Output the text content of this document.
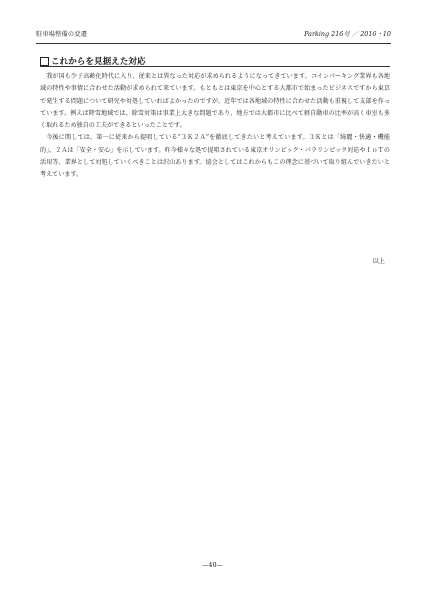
駐車場整備の変遷	Parking 216号 ／ 2016・10
これからを見据えた対応

我が国も少子高齢化時代に入り、従来とは異なった対応が求められるようになってきています。コインパーキング業界も各地域の特性や事情に合わせた活動が求められて来ています。もともとは東京を中心とする大都市で始まったビジネスですから東京で発生する問題について研究や対処していればよかったのですが、近年では各地域の特性に合わせた活動も重視して支部を作っています。例えば降雪地域では、除雪対策は事業上大きな問題であり、地方では大都市に比べて軽自動車の比率が高く車室も多く取れるため独自の工夫ができるといったことです。

今後に関しては、第一に従来から提唱している“３Ｋ２Ａ”を徹底してきたいと考えています。３Ｋとは「綺麗・快適・機能的」、２Ａは「安全・安心」を示しています。昨今様々な処で提唱されている東京オリンピック・パラリンピック対応やＩｏＴの活用等、業界として対処していくべきことは沢山あります。協会としてはこれからもこの理念に基づいて取り組んでいきたいと考えています。

以上
—40—
